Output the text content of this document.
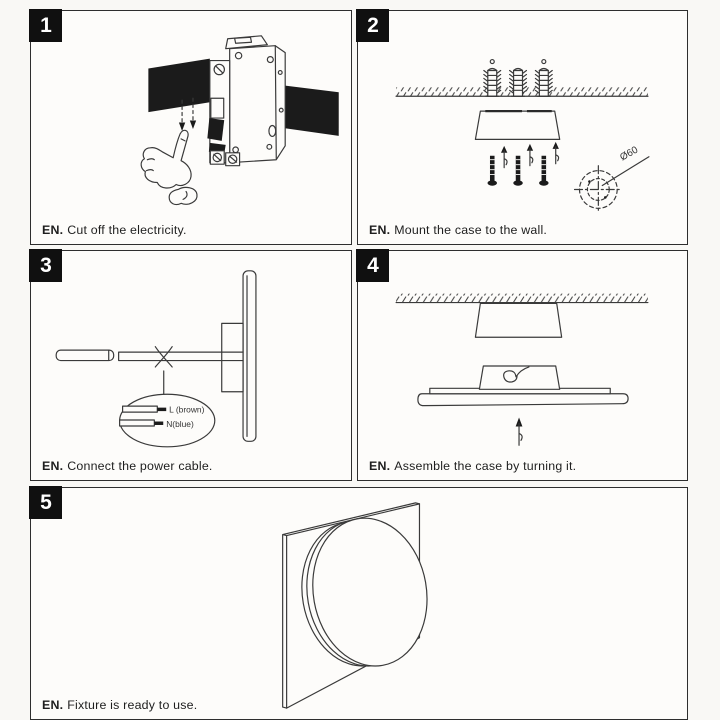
1
EN. Cut off the electricity.
2
Ø60
EN. Mount the case to the wall.
3
L (brown)
N(blue)
EN. Connect the power cable.
4
EN. Assemble the case by turning it.
5
EN. Fixture is ready to use.
